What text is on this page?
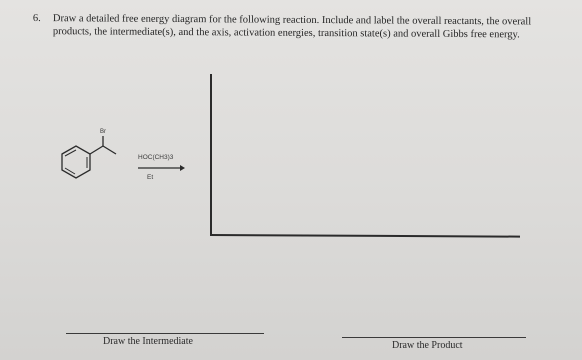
6. Draw a detailed free energy diagram for the following reaction. Include and label the overall reactants, the overall products, the intermediate(s), and the axis, activation energies, transition state(s) and overall Gibbs free energy.
Br
HOC(CH3)3
Et
Draw the Intermediate	Draw the Product
